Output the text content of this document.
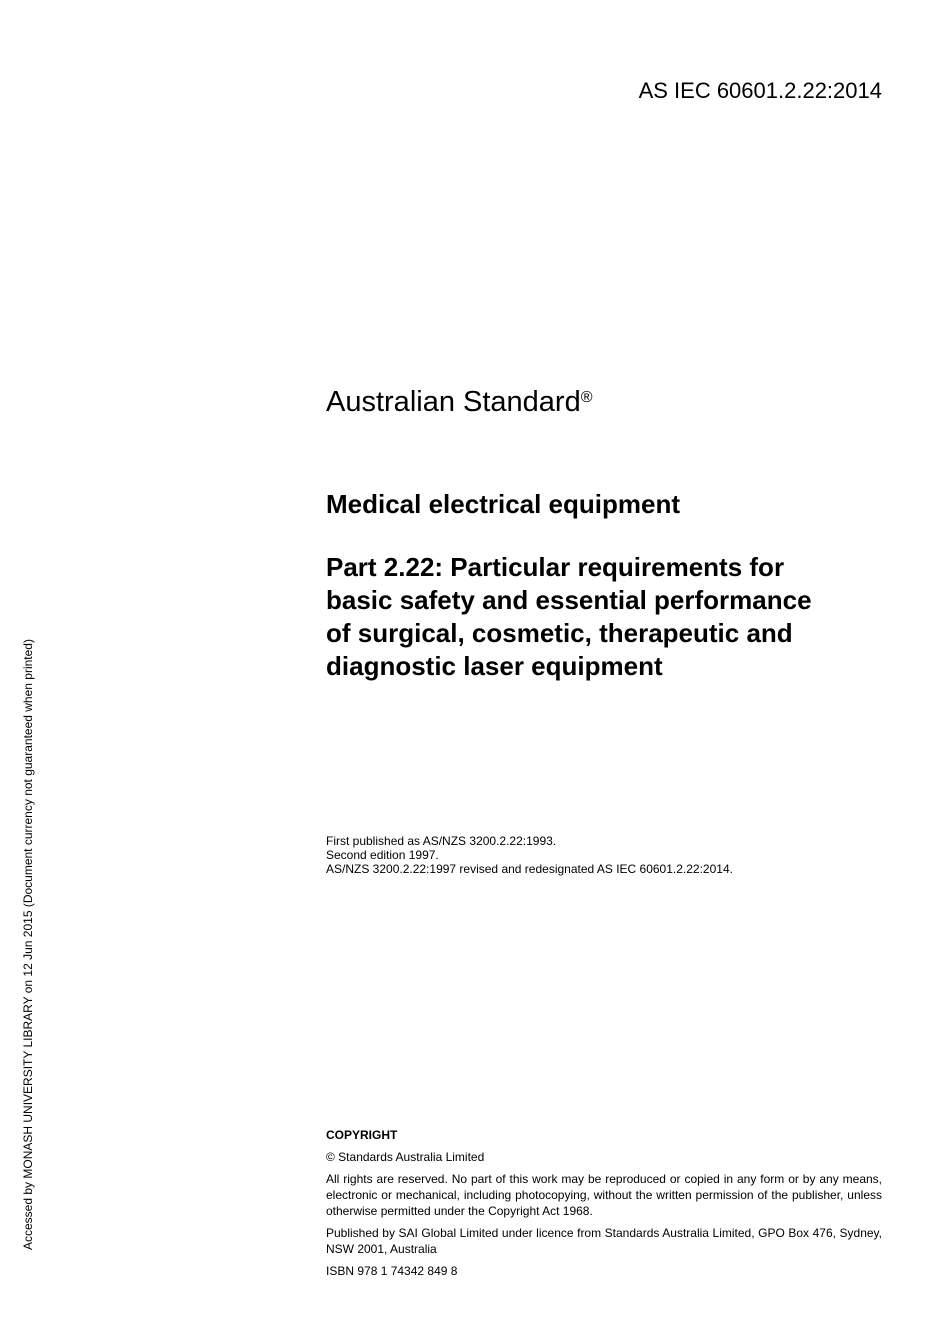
AS IEC 60601.2.22:2014
Accessed by MONASH UNIVERSITY LIBRARY on 12 Jun 2015 (Document currency not guaranteed when printed)
Australian Standard®
Medical electrical equipment
Part 2.22: Particular requirements for
basic safety and essential performance
of surgical, cosmetic, therapeutic and
diagnostic laser equipment
First published as AS/NZS 3200.2.22:1993.
Second edition 1997.
AS/NZS 3200.2.22:1997 revised and redesignated AS IEC 60601.2.22:2014.
COPYRIGHT
© Standards Australia Limited
All rights are reserved. No part of this work may be reproduced or copied in any form or by any means, electronic or mechanical, including photocopying, without the written permission of the publisher, unless otherwise permitted under the Copyright Act 1968.
Published by SAI Global Limited under licence from Standards Australia Limited, GPO Box 476, Sydney, NSW 2001, Australia
ISBN 978 1 74342 849 8
